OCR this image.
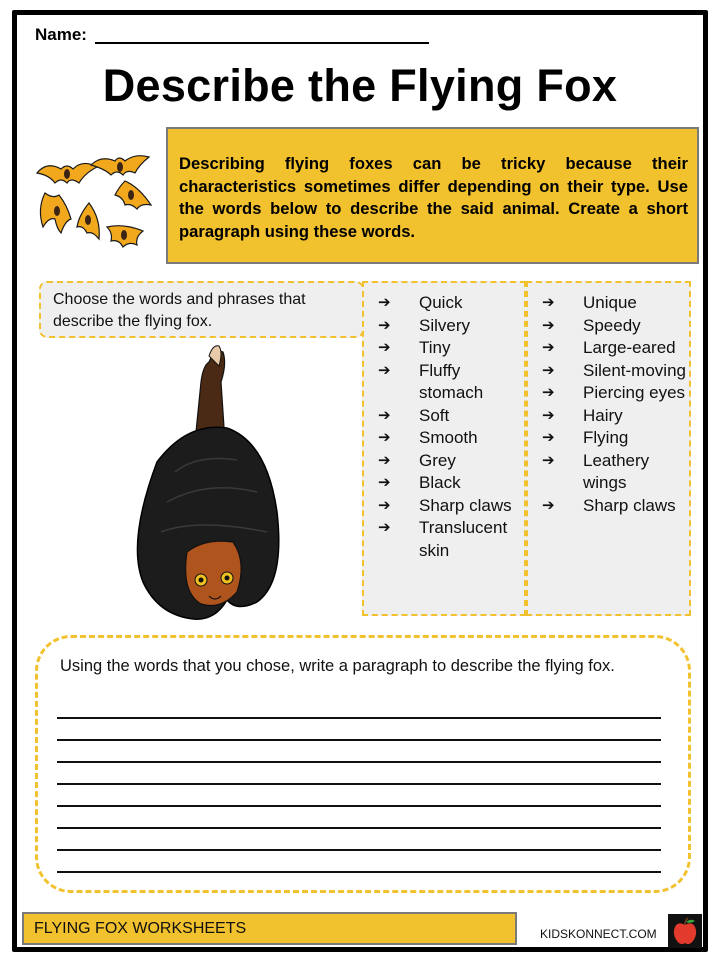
Name:
Describe the Flying Fox
Describing flying foxes can be tricky because their characteristics sometimes differ depending on their type. Use the words below to describe the said animal. Create a short paragraph using these words.
Choose the words and phrases that describe the flying fox.
➔	Quick
➔	Silvery
➔	Tiny
➔	Fluffy stomach
➔	Soft
➔	Smooth
➔	Grey
➔	Black
➔	Sharp claws
➔	Translucent skin
➔	Unique
➔	Speedy
➔	Large-eared
➔	Silent-moving
➔	Piercing eyes
➔	Hairy
➔	Flying
➔	Leathery wings
➔	Sharp claws
Using the words that you chose, write a paragraph to describe the flying fox.
FLYING FOX WORKSHEETS	KIDSKONNECT.COM
